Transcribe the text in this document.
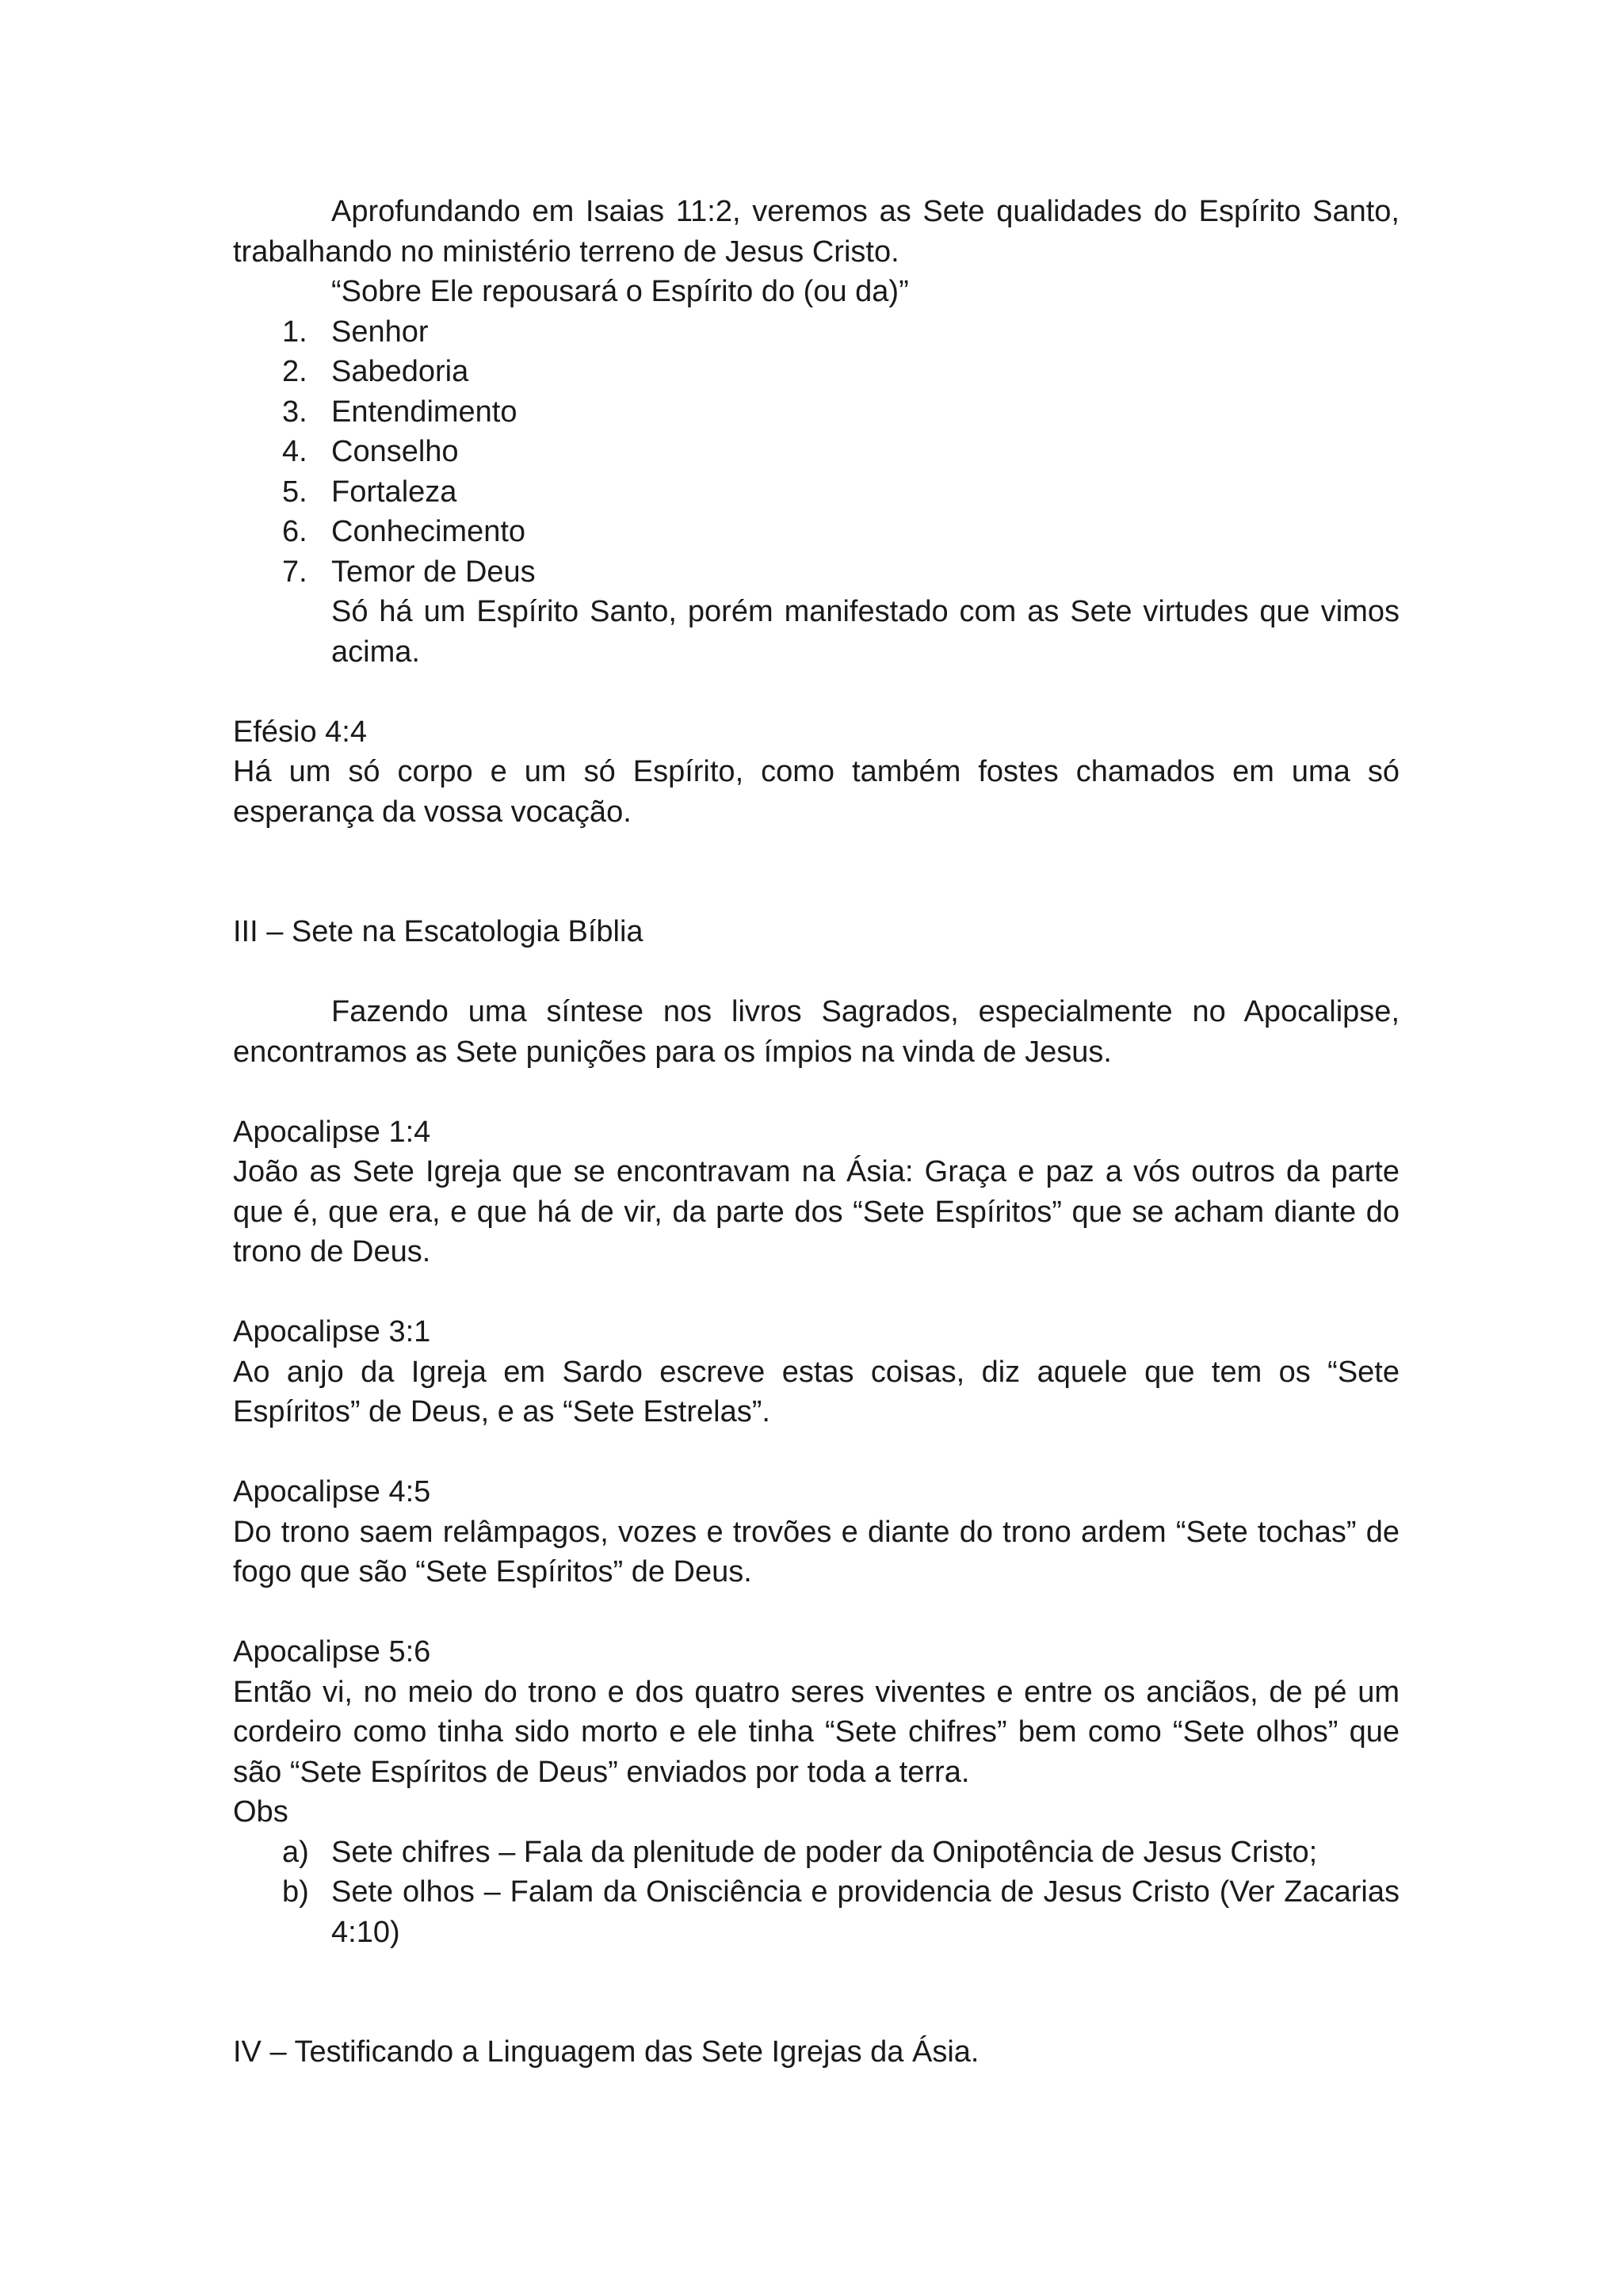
Aprofundando em Isaias 11:2, veremos as Sete qualidades do Espírito Santo, trabalhando no ministério terreno de Jesus Cristo.

“Sobre Ele repousará o Espírito do (ou da)”

1. Senhor
2. Sabedoria
3. Entendimento
4. Conselho
5. Fortaleza
6. Conhecimento
7. Temor de Deus

Só há um Espírito Santo, porém manifestado com as Sete virtudes que vimos acima.

Efésio 4:4

Há um só corpo e um só Espírito, como também fostes chamados em uma só esperança da vossa vocação.

III – Sete na Escatologia Bíblia

Fazendo uma síntese nos livros Sagrados, especialmente no Apocalipse, encontramos as Sete punições para os ímpios na vinda de Jesus.

Apocalipse 1:4

João as Sete Igreja que se encontravam na Ásia: Graça e paz a vós outros da parte que é, que era, e que há de vir, da parte dos “Sete Espíritos” que se acham diante do trono de Deus.

Apocalipse 3:1

Ao anjo da Igreja em Sardo escreve estas coisas, diz aquele que tem os “Sete Espíritos” de Deus, e as “Sete Estrelas”.

Apocalipse 4:5

Do trono saem relâmpagos, vozes e trovões e diante do trono ardem “Sete tochas” de fogo que são “Sete Espíritos” de Deus.

Apocalipse 5:6

Então vi, no meio do trono e dos quatro seres viventes e entre os anciãos, de pé um cordeiro como tinha sido morto e ele tinha “Sete chifres” bem como “Sete olhos” que são “Sete Espíritos de Deus” enviados por toda a terra.

Obs

a) Sete chifres – Fala da plenitude de poder da Onipotência de Jesus Cristo;
b) Sete olhos – Falam da Onisciência e providencia de Jesus Cristo (Ver Zacarias 4:10)

IV – Testificando a Linguagem das Sete Igrejas da Ásia.
